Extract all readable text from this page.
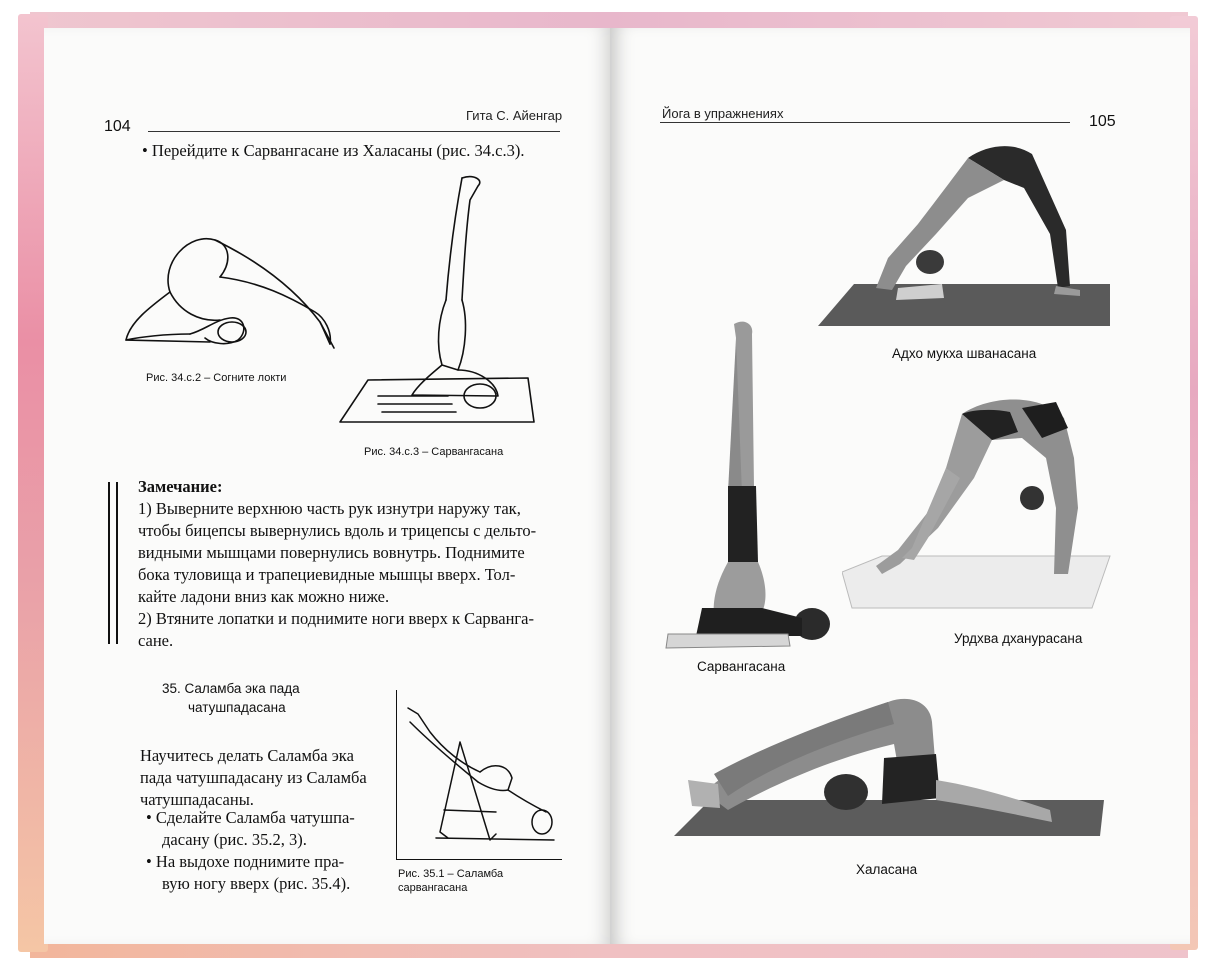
104
Гита С. Айенгар
• Перейдите к Сарвангасане из Халасаны (рис. 34.с.3).
Рис. 34.с.2 – Согните локти
Рис. 34.с.3 – Сарвангасана
Замечание:
1) Выверните верхнюю часть рук изнутри наружу так,
чтобы бицепсы вывернулись вдоль и трицепсы с дельто-
видными мышцами повернулись вовнутрь. Поднимите
бока туловища и трапециевидные мышцы вверх. Тол-
кайте ладони вниз как можно ниже.
2) Втяните лопатки и поднимите ноги вверх к Сарванга-
сане.
35. Саламба эка пада
чатушпадасана
Научитесь делать Саламба эка
пада чатушпадасану из Саламба
чатушпадасаны.
• Сделайте Саламба чатушпа-
дасану (рис. 35.2, 3).
• На выдохе поднимите пра-
вую ногу вверх (рис. 35.4).	Рис. 35.1 – Саламба
сарвангасана
Йога в упражнениях	105
Адхо мукха шванасана
Урдхва дханурасана
Сарвангасана
Халасана
